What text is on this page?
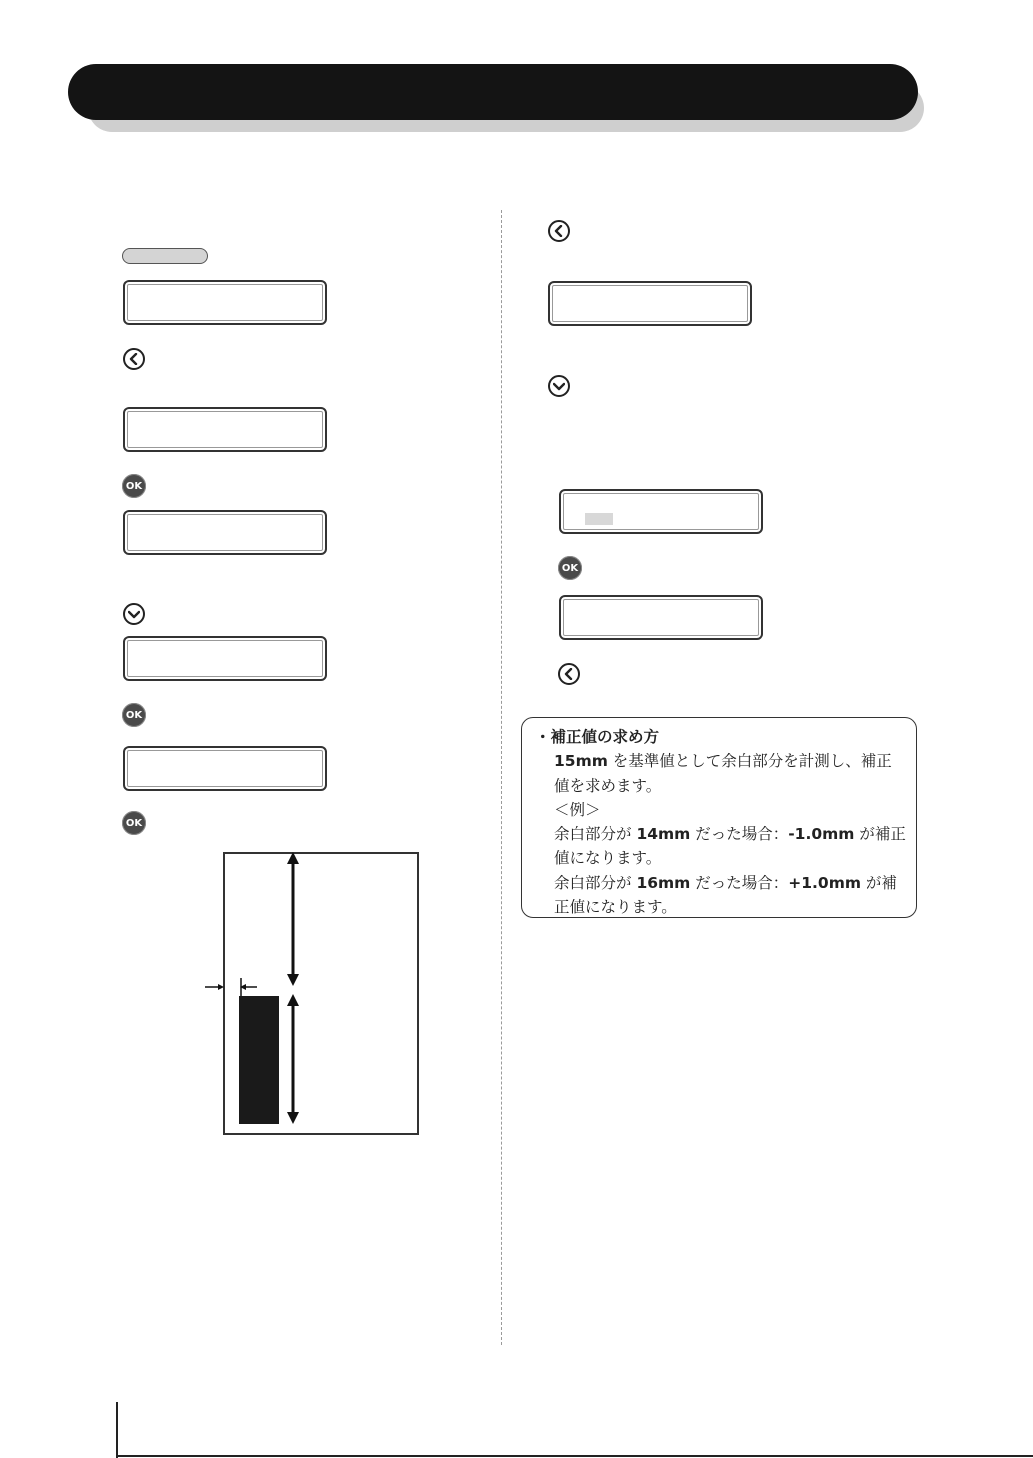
OK
OK
OK
OK

・補正値の求め方

15mm を基準値として余白部分を計測し、補正

値を求めます。

＜例＞

余白部分が 14mm だった場合：-1.0mm が補正

値になります。

余白部分が 16mm だった場合：+1.0mm が補

正値になります。
